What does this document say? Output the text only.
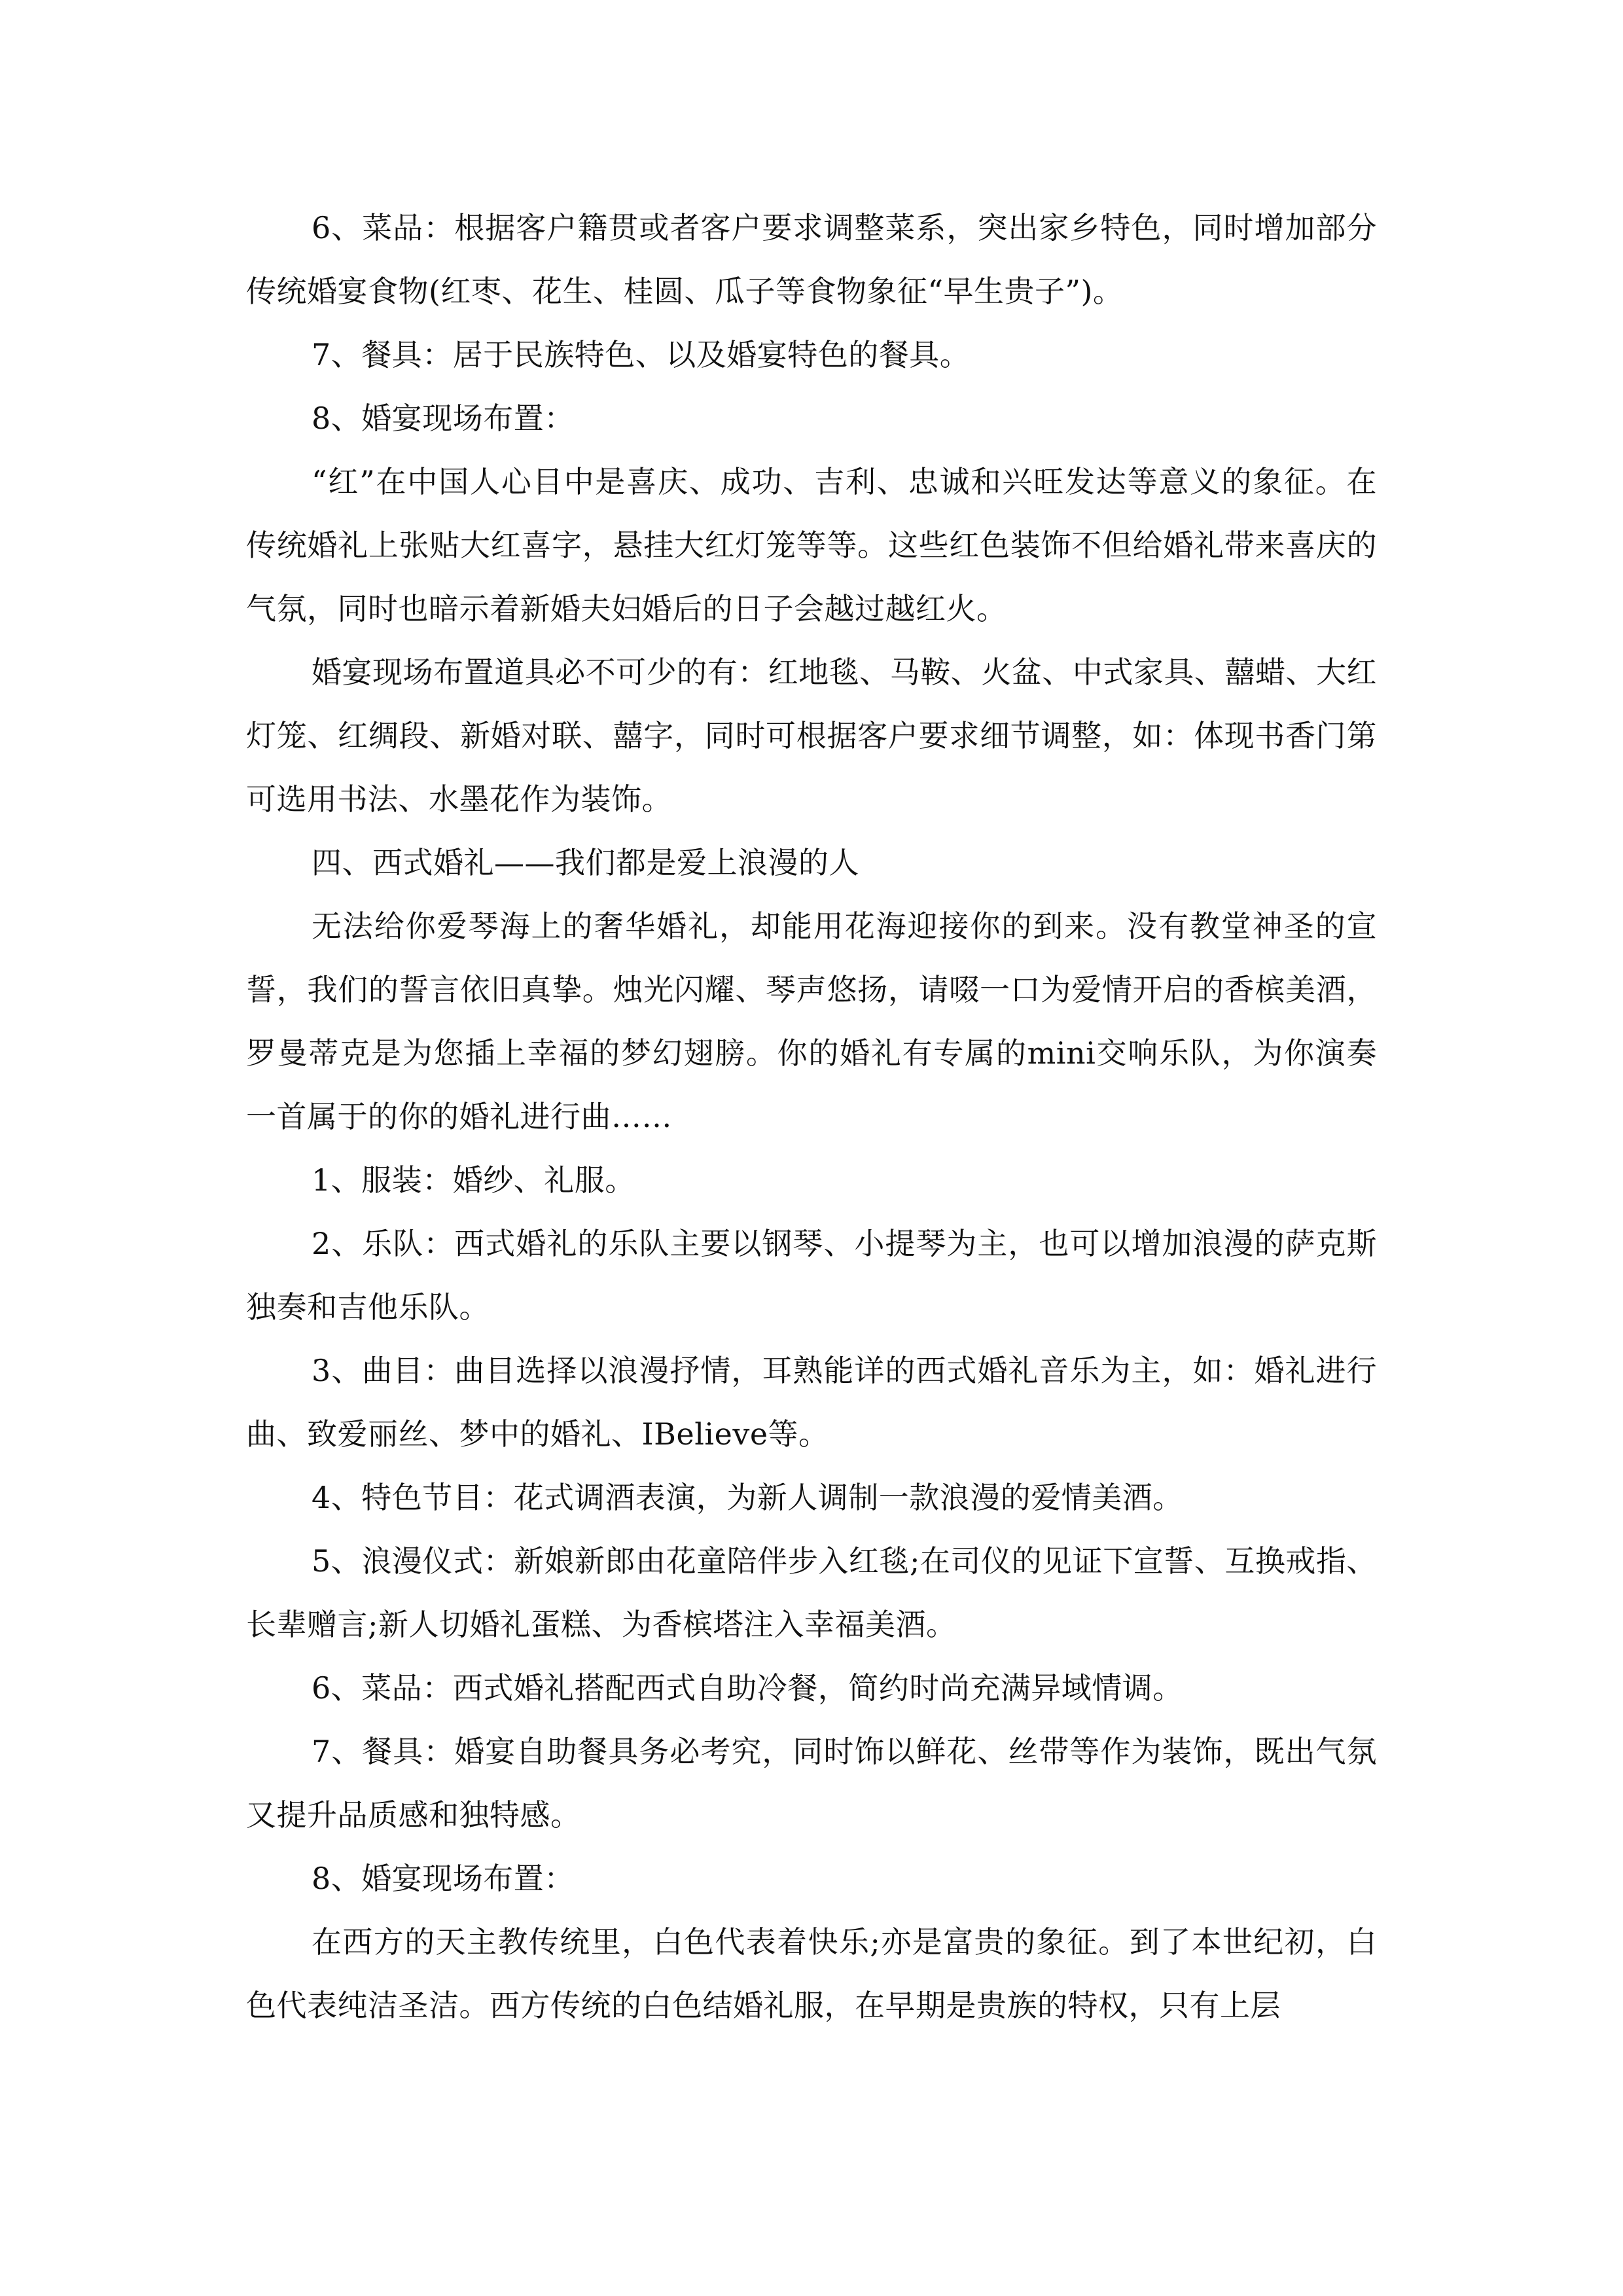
6、菜品：根据客户籍贯或者客户要求调整菜系，突出家乡特色，同时增加部分传统婚宴食物(红枣、花生、桂圆、瓜子等食物象征“早生贵子”)。

7、餐具：居于民族特色、以及婚宴特色的餐具。

8、婚宴现场布置：

“红”在中国人心目中是喜庆、成功、吉利、忠诚和兴旺发达等意义的象征。在传统婚礼上张贴大红喜字，悬挂大红灯笼等等。这些红色装饰不但给婚礼带来喜庆的气氛，同时也暗示着新婚夫妇婚后的日子会越过越红火。

婚宴现场布置道具必不可少的有：红地毯、马鞍、火盆、中式家具、囍蜡、大红灯笼、红绸段、新婚对联、囍字，同时可根据客户要求细节调整，如：体现书香门第可选用书法、水墨花作为装饰。

四、西式婚礼——我们都是爱上浪漫的人

无法给你爱琴海上的奢华婚礼，却能用花海迎接你的到来。没有教堂神圣的宣誓，我们的誓言依旧真挚。烛光闪耀、琴声悠扬，请啜一口为爱情开启的香槟美酒，罗曼蒂克是为您插上幸福的梦幻翅膀。你的婚礼有专属的mini交响乐队，为你演奏一首属于的你的婚礼进行曲……

1、服装：婚纱、礼服。

2、乐队：西式婚礼的乐队主要以钢琴、小提琴为主，也可以增加浪漫的萨克斯独奏和吉他乐队。

3、曲目：曲目选择以浪漫抒情，耳熟能详的西式婚礼音乐为主，如：婚礼进行曲、致爱丽丝、梦中的婚礼、IBelieve等。

4、特色节目：花式调酒表演，为新人调制一款浪漫的爱情美酒。

5、浪漫仪式：新娘新郎由花童陪伴步入红毯;在司仪的见证下宣誓、互换戒指、长辈赠言;新人切婚礼蛋糕、为香槟塔注入幸福美酒。

6、菜品：西式婚礼搭配西式自助冷餐，简约时尚充满异域情调。

7、餐具：婚宴自助餐具务必考究，同时饰以鲜花、丝带等作为装饰，既出气氛又提升品质感和独特感。

8、婚宴现场布置：

在西方的天主教传统里，白色代表着快乐;亦是富贵的象征。到了本世纪初，白色代表纯洁圣洁。西方传统的白色结婚礼服，在早期是贵族的特权，只有上层
